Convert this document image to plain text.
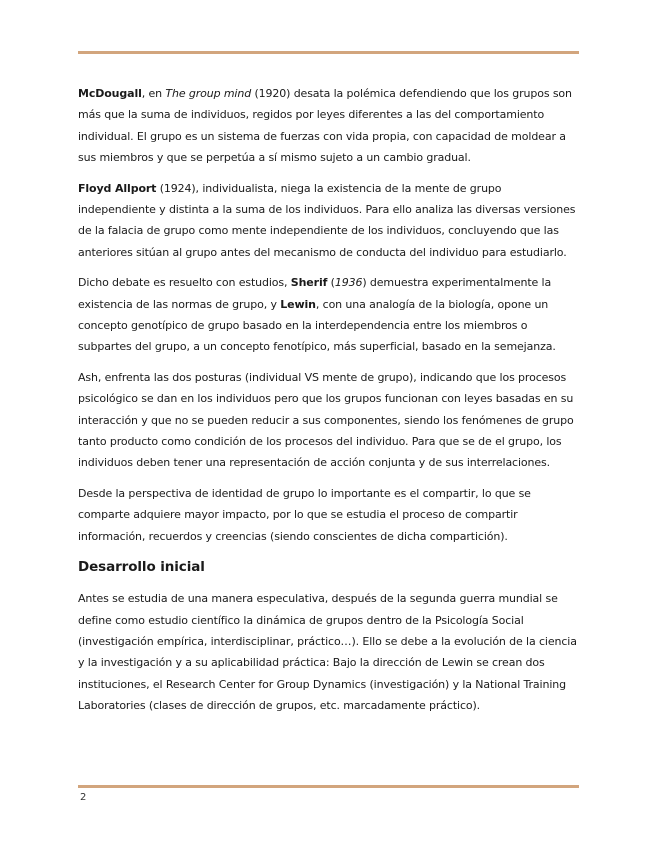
McDougall, en The group mind (1920) desata la polémica defendiendo que los grupos son más que la suma de individuos, regidos por leyes diferentes a las del comportamiento individual. El grupo es un sistema de fuerzas con vida propia, con capacidad de moldear a sus miembros y que se perpetúa a sí mismo sujeto a un cambio gradual.

Floyd Allport (1924), individualista, niega la existencia de la mente de grupo independiente y distinta a la suma de los individuos. Para ello analiza las diversas versiones de la falacia de grupo como mente independiente de los individuos, concluyendo que las anteriores sitúan al grupo antes del mecanismo de conducta del individuo para estudiarlo.

Dicho debate es resuelto con estudios, Sherif (1936) demuestra experimentalmente la existencia de las normas de grupo, y Lewin, con una analogía de la biología, opone un concepto genotípico de grupo basado en la interdependencia entre los miembros o subpartes del grupo, a un concepto fenotípico, más superficial, basado en la semejanza.

Ash, enfrenta las dos posturas (individual VS mente de grupo), indicando que los procesos psicológico se dan en los individuos pero que los grupos funcionan con leyes basadas en su interacción y que no se pueden reducir a sus componentes, siendo los fenómenes de grupo tanto producto como condición de los procesos del individuo. Para que se de el grupo, los individuos deben tener una representación de acción conjunta y de sus interrelaciones.

Desde la perspectiva de identidad de grupo lo importante es el compartir, lo que se comparte adquiere mayor impacto, por lo que se estudia el proceso de compartir información, recuerdos y creencias (siendo conscientes de dicha compartición).

Desarrollo inicial

Antes se estudia de una manera especulativa, después de la segunda guerra mundial se define como estudio científico la dinámica de grupos dentro de la Psicología Social (investigación empírica, interdisciplinar, práctico…). Ello se debe a la evolución de la ciencia y la investigación y a su aplicabilidad práctica: Bajo la dirección de Lewin se crean dos instituciones, el Research Center for Group Dynamics (investigación) y la National Training Laboratories (clases de dirección de grupos, etc. marcadamente práctico).

2
